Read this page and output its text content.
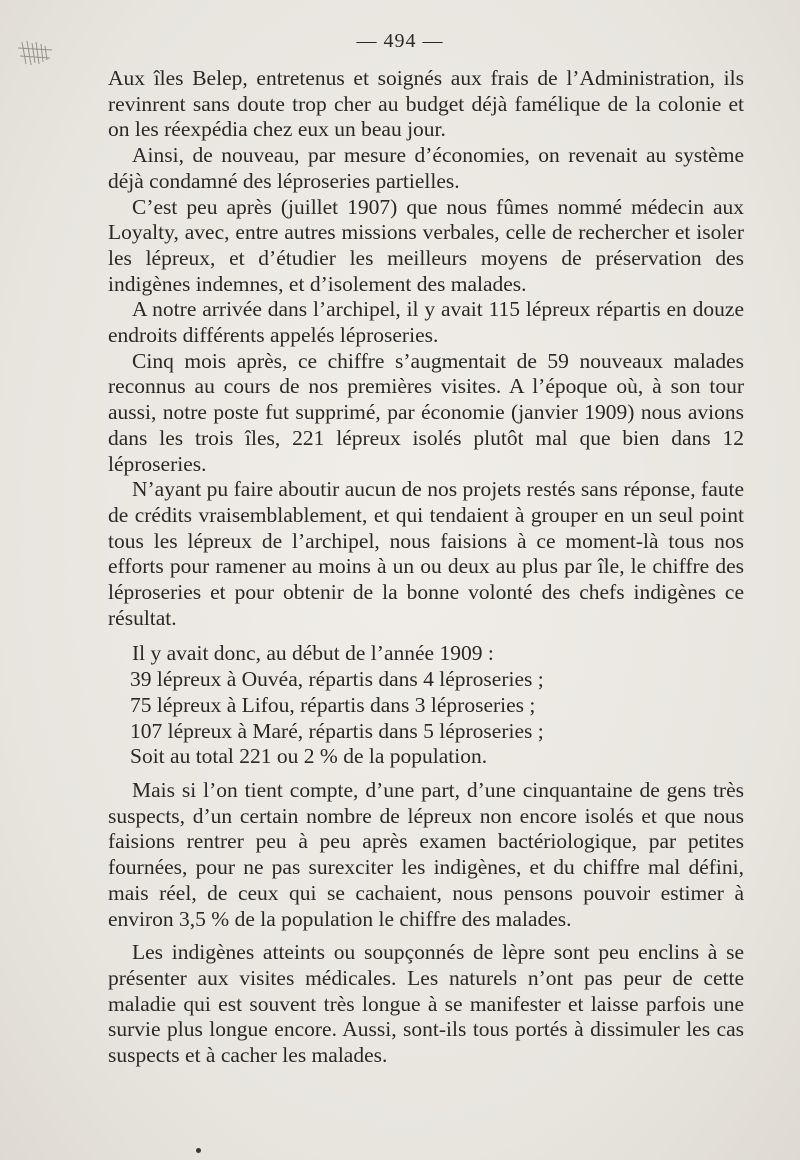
— 494 —

Aux îles Belep, entretenus et soignés aux frais de l’Administration, ils revinrent sans doute trop cher au budget déjà famélique de la colonie et on les réexpédia chez eux un beau jour.

Ainsi, de nouveau, par mesure d’économies, on revenait au système déjà condamné des léproseries partielles.

C’est peu après (juillet 1907) que nous fûmes nommé médecin aux Loyalty, avec, entre autres missions verbales, celle de rechercher et isoler les lépreux, et d’étudier les meilleurs moyens de préservation des indigènes indemnes, et d’isolement des malades.

A notre arrivée dans l’archipel, il y avait 115 lépreux répartis en douze endroits différents appelés léproseries.

Cinq mois après, ce chiffre s’augmentait de 59 nouveaux malades reconnus au cours de nos premières visites. A l’époque où, à son tour aussi, notre poste fut supprimé, par économie (janvier 1909) nous avions dans les trois îles, 221 lépreux isolés plutôt mal que bien dans 12 léproseries.

N’ayant pu faire aboutir aucun de nos projets restés sans réponse, faute de crédits vraisemblablement, et qui tendaient à grouper en un seul point tous les lépreux de l’archipel, nous faisions à ce moment-là tous nos efforts pour ramener au moins à un ou deux au plus par île, le chiffre des léproseries et pour obtenir de la bonne volonté des chefs indigènes ce résultat.

Il y avait donc, au début de l’année 1909 :

39 lépreux à Ouvéa, répartis dans 4 léproseries ;
75 lépreux à Lifou, répartis dans 3 léproseries ;
107 lépreux à Maré, répartis dans 5 léproseries ;
Soit au total 221 ou 2 % de la population.

Mais si l’on tient compte, d’une part, d’une cinquantaine de gens très suspects, d’un certain nombre de lépreux non encore isolés et que nous faisions rentrer peu à peu après examen bactériologique, par petites fournées, pour ne pas surexciter les indigènes, et du chiffre mal défini, mais réel, de ceux qui se cachaient, nous pensons pouvoir estimer à environ 3,5 % de la population le chiffre des malades.

Les indigènes atteints ou soupçonnés de lèpre sont peu enclins à se présenter aux visites médicales. Les naturels n’ont pas peur de cette maladie qui est souvent très longue à se manifester et laisse parfois une survie plus longue encore. Aussi, sont-ils tous portés à dissimuler les cas suspects et à cacher les malades.
